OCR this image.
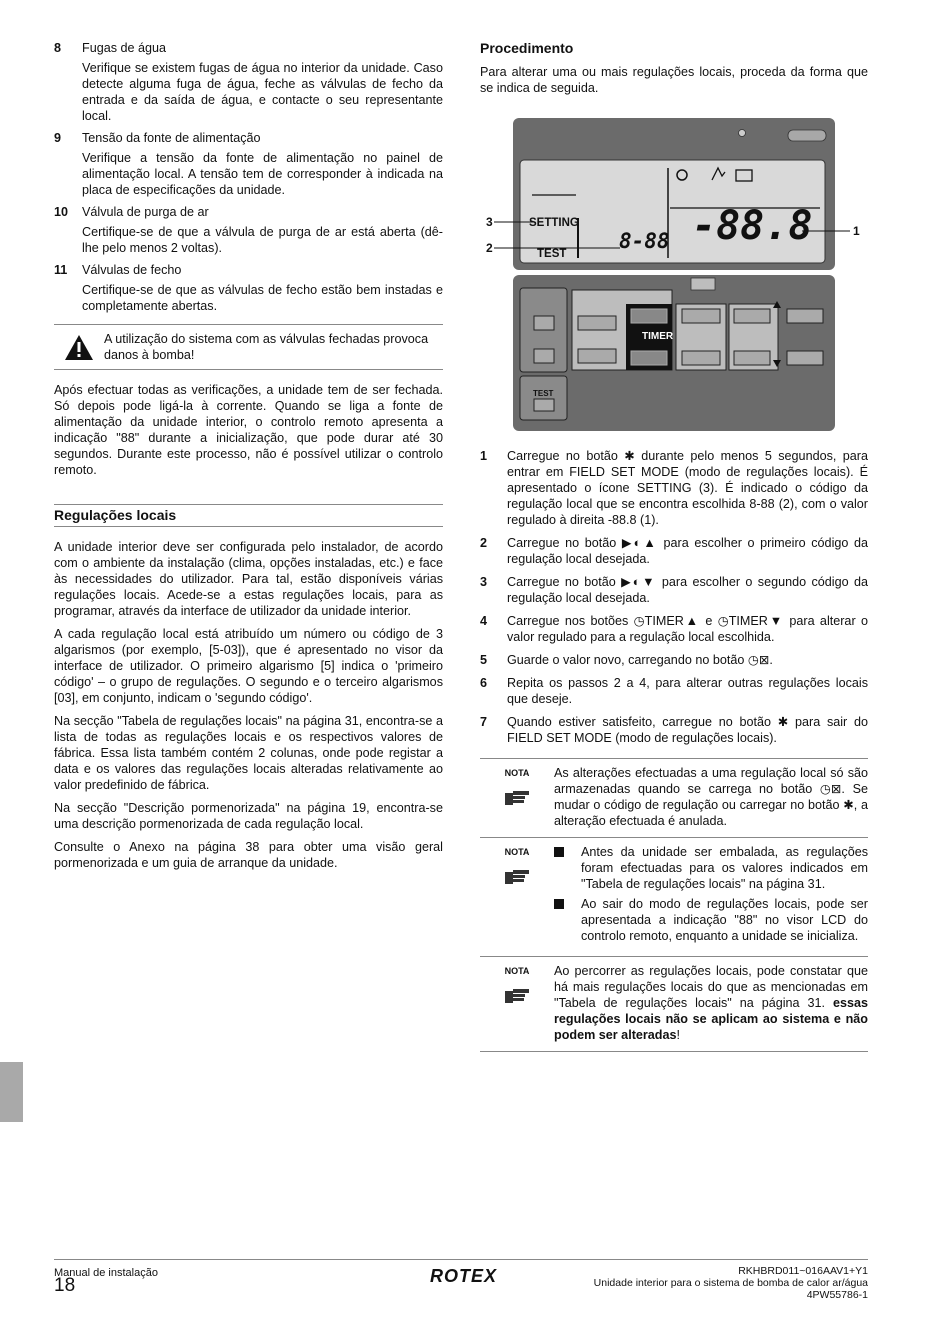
8	Fugas de água

Verifique se existem fugas de água no interior da unidade. Caso detecte alguma fuga de água, feche as válvulas de fecho da entrada e da saída de água, e contacte o seu representante local.

9	Tensão da fonte de alimentação

Verifique a tensão da fonte de alimentação no painel de alimentação local. A tensão tem de corresponder à indicada na placa de especificações da unidade.

10	Válvula de purga de ar

Certifique-se de que a válvula de purga de ar está aberta (dê-lhe pelo menos 2 voltas).

11	Válvulas de fecho

Certifique-se de que as válvulas de fecho estão bem instadas e completamente abertas.

A utilização do sistema com as válvulas fechadas provoca danos à bomba!

Após efectuar todas as verificações, a unidade tem de ser fechada. Só depois pode ligá-la à corrente. Quando se liga a fonte de alimentação da unidade interior, o controlo remoto apresenta a indicação "88" durante a inicialização, que pode durar até 30 segundos. Durante este processo, não é possível utilizar o controlo remoto.

Regulações locais

A unidade interior deve ser configurada pelo instalador, de acordo com o ambiente da instalação (clima, opções instaladas, etc.) e face às necessidades do utilizador. Para tal, estão disponíveis várias regulações locais. Acede-se a estas regulações locais, para as programar, através da interface de utilizador da unidade interior.

A cada regulação local está atribuído um número ou código de 3 algarismos (por exemplo, [5-03]), que é apresentado no visor da interface de utilizador. O primeiro algarismo [5] indica o 'primeiro código' – o grupo de regulações. O segundo e o terceiro algarismos [03], em conjunto, indicam o 'segundo código'.

Na secção "Tabela de regulações locais" na página 31, encontra-se a lista de todas as regulações locais e os respectivos valores de fábrica. Essa lista também contém 2 colunas, onde pode registar a data e os valores das regulações locais alteradas relativamente ao valor predefinido de fábrica.

Na secção "Descrição pormenorizada" na página 19, encontra-se uma descrição pormenorizada de cada regulação local.

Consulte o Anexo na página 38 para obter uma visão geral pormenorizada e um guia de arranque da unidade.

Procedimento

Para alterar uma ou mais regulações locais, proceda da forma que se indica de seguida.

3
2
1
SETTING
TEST
8-88 -88.8
TIMER
TEST
1	Carregue no botão ✱ durante pelo menos 5 segundos, para entrar em FIELD SET MODE (modo de regulações locais). É apresentado o ícone SETTING (3). É indicado o código da regulação local que se encontra escolhida 8-88 (2), com o valor regulado à direita -88.8 (1).
2	Carregue no botão ▶◐▲ para escolher o primeiro código da regulação local desejada.
3	Carregue no botão ▶◐▼ para escolher o segundo código da regulação local desejada.
4	Carregue nos botões ◷TIMER▲ e ◷TIMER▼ para alterar o valor regulado para a regulação local escolhida.
5	Guarde o valor novo, carregando no botão ◷⊠.
6	Repita os passos 2 a 4, para alterar outras regulações locais que deseje.
7	Quando estiver satisfeito, carregue no botão ✱ para sair do FIELD SET MODE (modo de regulações locais).
NOTA As alterações efectuadas a uma regulação local só são armazenadas quando se carrega no botão ◷⊠. Se mudar o código de regulação ou carregar no botão ✱, a alteração efectuada é anulada.
NOTA	Antes da unidade ser embalada, as regulações foram efectuadas para os valores indicados em "Tabela de regulações locais" na página 31.
Ao sair do modo de regulações locais, pode ser apresentada a indicação "88" no visor LCD do controlo remoto, enquanto a unidade se inicializa.
NOTA Ao percorrer as regulações locais, pode constatar que há mais regulações locais do que as mencionadas em "Tabela de regulações locais" na página 31. essas regulações locais não se aplicam ao sistema e não podem ser alteradas!
Manual de instalação
18	ROTEX	RKHBRD011~016AAV1+Y1
Unidade interior para o sistema de bomba de calor ar/água
4PW55786-1
